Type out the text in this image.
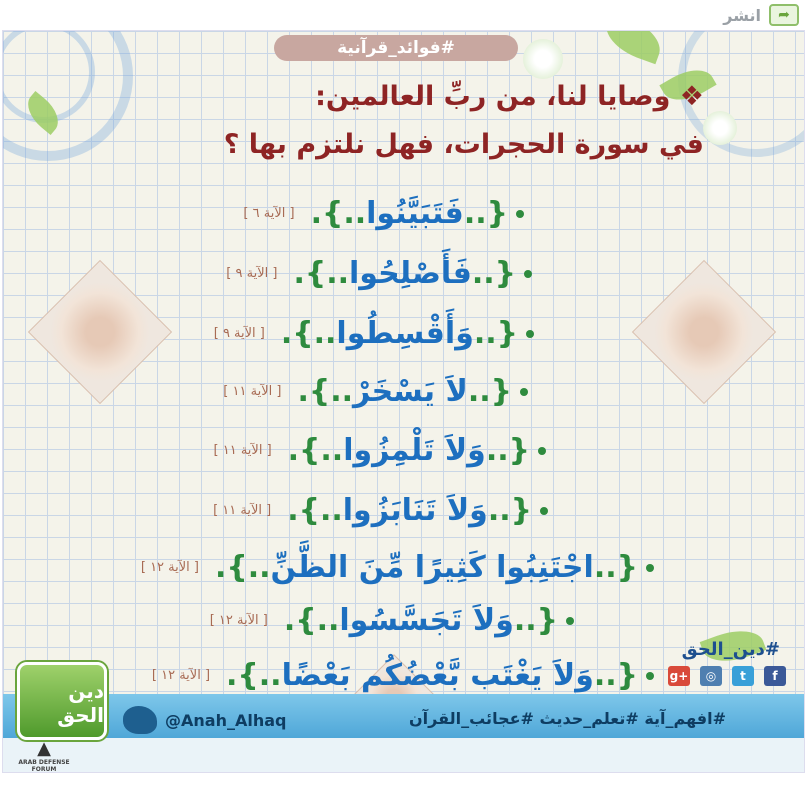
انشر	➦
#فوائد_قرآنية
❖ وصايا لنا، من ربِّ العالمين:
في سورة الحجرات، فهل نلتزم بها ؟
{..
فَتَبَيَّنُوا
..}.
[ الآية ٦ ]
{..
فَأَصْلِحُوا
..}.
[ الآية ٩ ]
{..
وَأَقْسِطُوا
..}.
[ الآية ٩ ]
{..
لاَ يَسْخَرْ
..}.
[ الآية ١١ ]
{..
وَلاَ تَلْمِزُوا
..}.
[ الآية ١١ ]
{..
وَلاَ تَنَابَزُوا
..}.
[ الآية ١١ ]
{..
اجْتَنِبُوا كَثِيرًا مِّنَ الظَّنِّ
..}.
[ الآية ١٢ ]
{..
وَلاَ تَجَسَّسُوا
..}.
[ الآية ١٢ ]
{..
وَلاَ يَغْتَب بَّعْضُكُم بَعْضًا
..}.
[ الآية ١٢ ]
#دين_الحق
g+	◎	t	f
دين الحق	@Anah_Alhaq	#افهم_آية #تعلم_حديث #عجائب_القرآن
▲
ARAB DEFENSE FORUM
